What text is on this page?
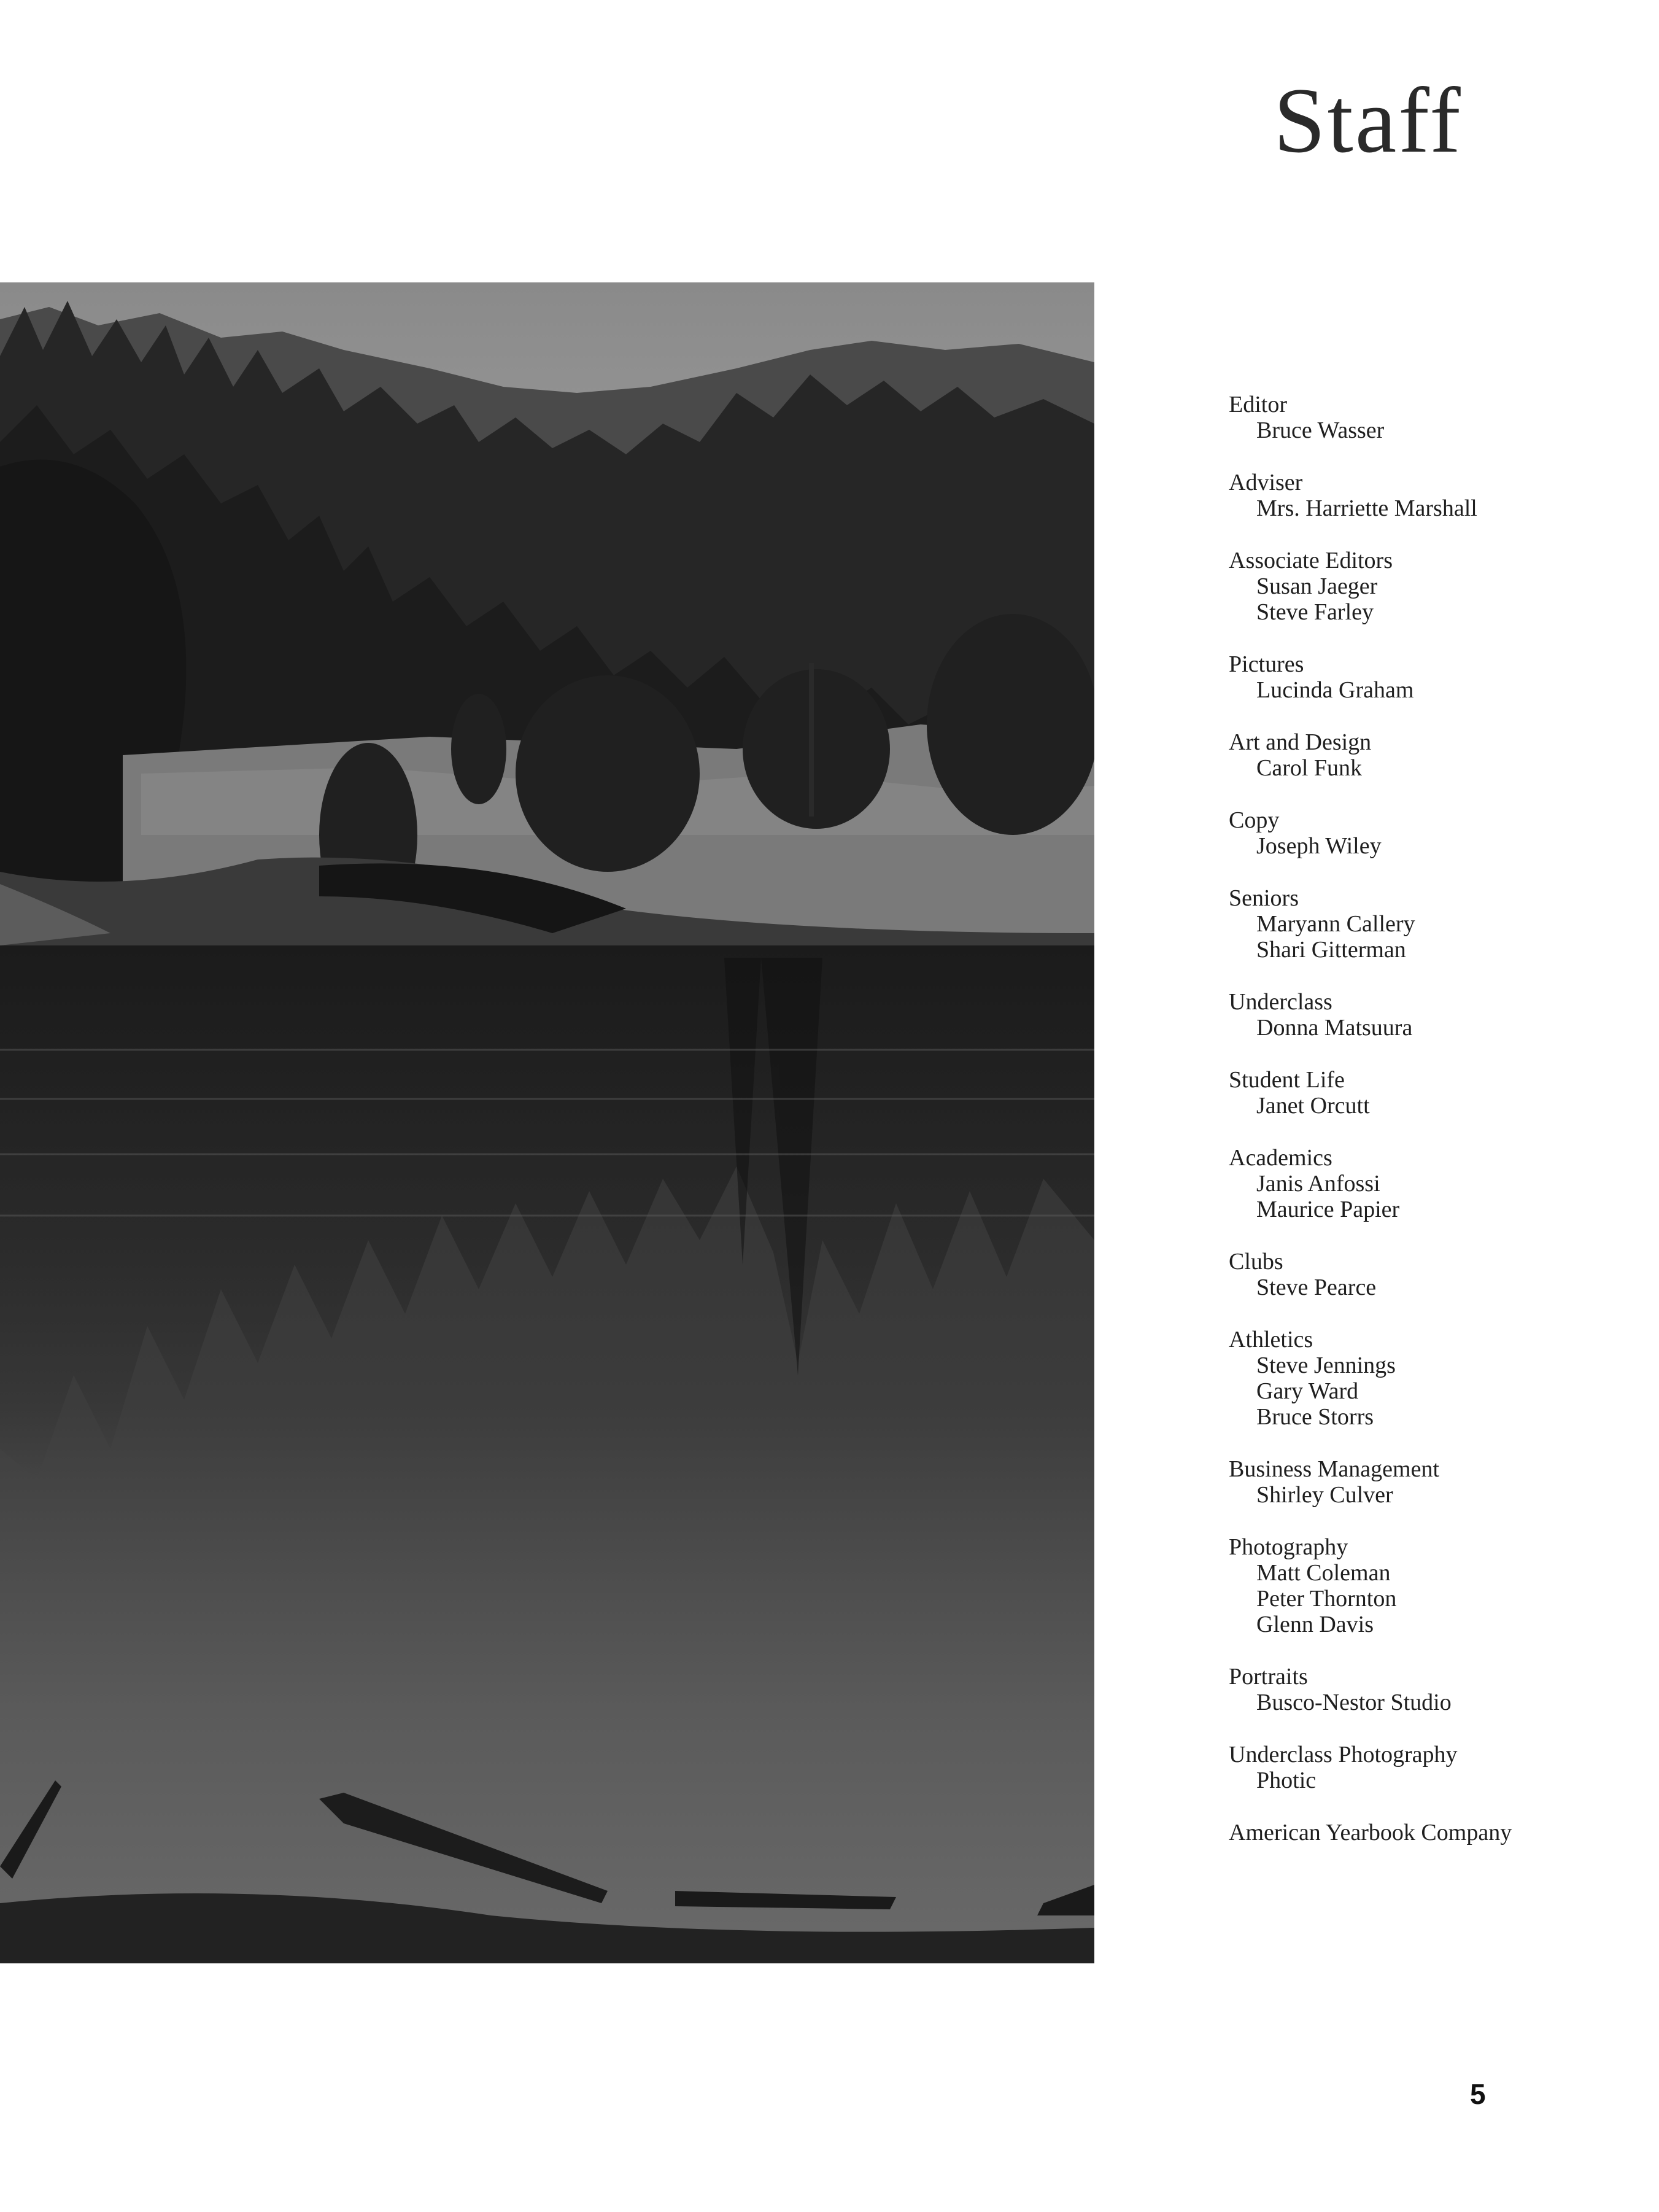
Staff
Editor
Bruce Wasser
Adviser
Mrs. Harriette Marshall
Associate Editors
Susan Jaeger
Steve Farley
Pictures
Lucinda Graham
Art and Design
Carol Funk
Copy
Joseph Wiley
Seniors
Maryann Callery
Shari Gitterman
Underclass
Donna Matsuura
Student Life
Janet Orcutt
Academics
Janis Anfossi
Maurice Papier
Clubs
Steve Pearce
Athletics
Steve Jennings
Gary Ward
Bruce Storrs
Business Management
Shirley Culver
Photography
Matt Coleman
Peter Thornton
Glenn Davis
Portraits
Busco-Nestor Studio
Underclass Photography
Photic
American Yearbook Company
5
